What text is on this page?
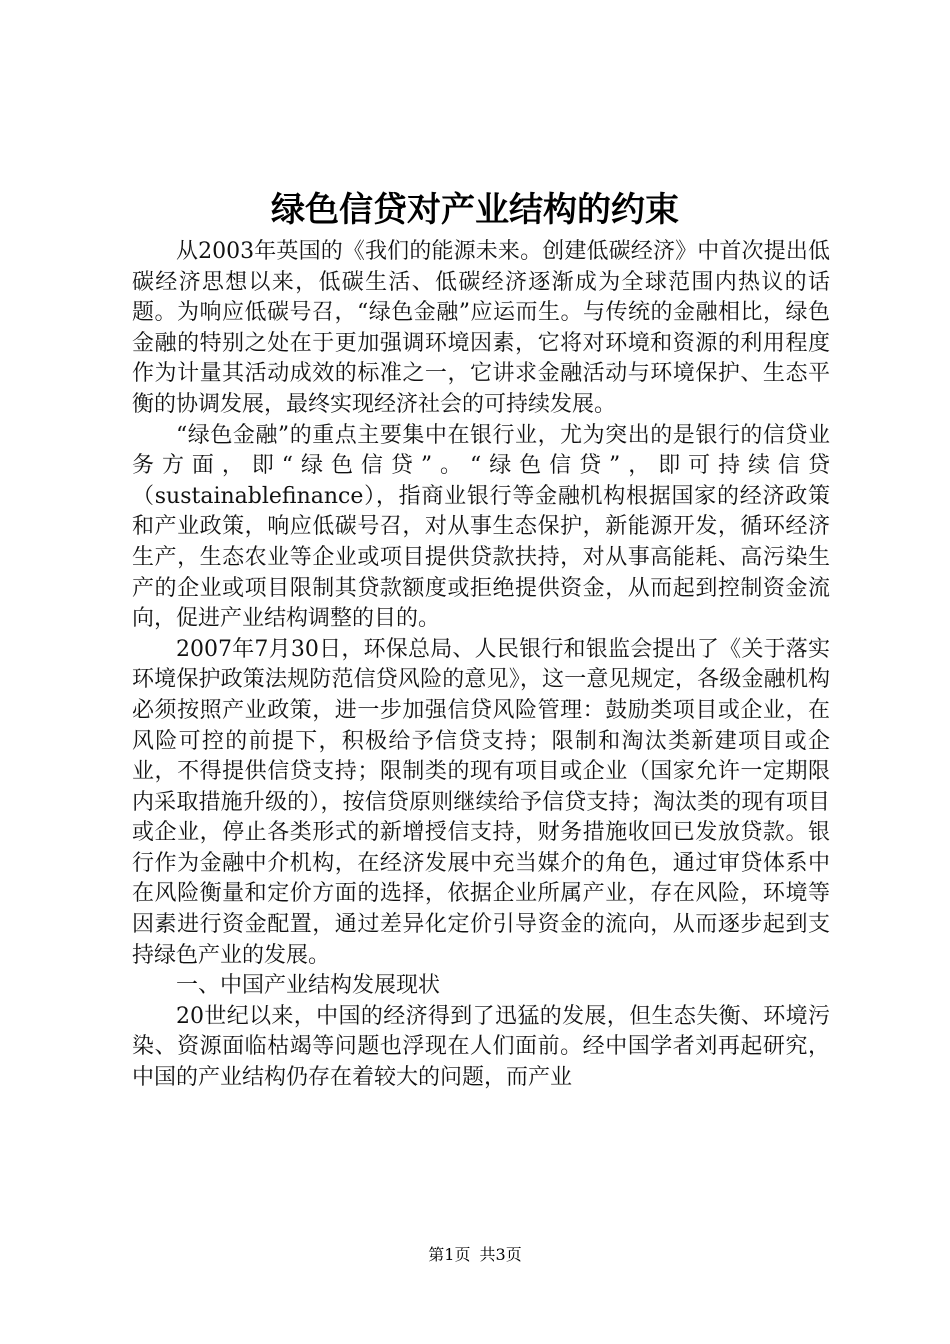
绿色信贷对产业结构的约束

从2003年英国的《我们的能源未来。创建低碳经济》中首次提出低碳经济思想以来，低碳生活、低碳经济逐渐成为全球范围内热议的话题。为响应低碳号召，“绿色金融”应运而生。与传统的金融相比，绿色金融的特别之处在于更加强调环境因素，它将对环境和资源的利用程度作为计量其活动成效的标准之一，它讲求金融活动与环境保护、生态平衡的协调发展，最终实现经济社会的可持续发展。

“绿色金融”的重点主要集中在银行业，尤为突出的是银行的信贷业务方面，即“绿色信贷”。“绿色信贷”，即可持续信贷（sustainablefinance），指商业银行等金融机构根据国家的经济政策和产业政策，响应低碳号召，对从事生态保护，新能源开发，循环经济生产，生态农业等企业或项目提供贷款扶持，对从事高能耗、高污染生产的企业或项目限制其贷款额度或拒绝提供资金，从而起到控制资金流向，促进产业结构调整的目的。

2007年7月30日，环保总局、人民银行和银监会提出了《关于落实环境保护政策法规防范信贷风险的意见》，这一意见规定，各级金融机构必须按照产业政策，进一步加强信贷风险管理：鼓励类项目或企业，在风险可控的前提下，积极给予信贷支持；限制和淘汰类新建项目或企业，不得提供信贷支持；限制类的现有项目或企业（国家允许一定期限内采取措施升级的），按信贷原则继续给予信贷支持；淘汰类的现有项目或企业，停止各类形式的新增授信支持，财务措施收回已发放贷款。银行作为金融中介机构，在经济发展中充当媒介的角色，通过审贷体系中在风险衡量和定价方面的选择，依据企业所属产业，存在风险，环境等因素进行资金配置，通过差异化定价引导资金的流向，从而逐步起到支持绿色产业的发展。

一、中国产业结构发展现状

20世纪以来，中国的经济得到了迅猛的发展，但生态失衡、环境污染、资源面临枯竭等问题也浮现在人们面前。经中国学者刘再起研究，中国的产业结构仍存在着较大的问题，而产业

第1页 共3页
